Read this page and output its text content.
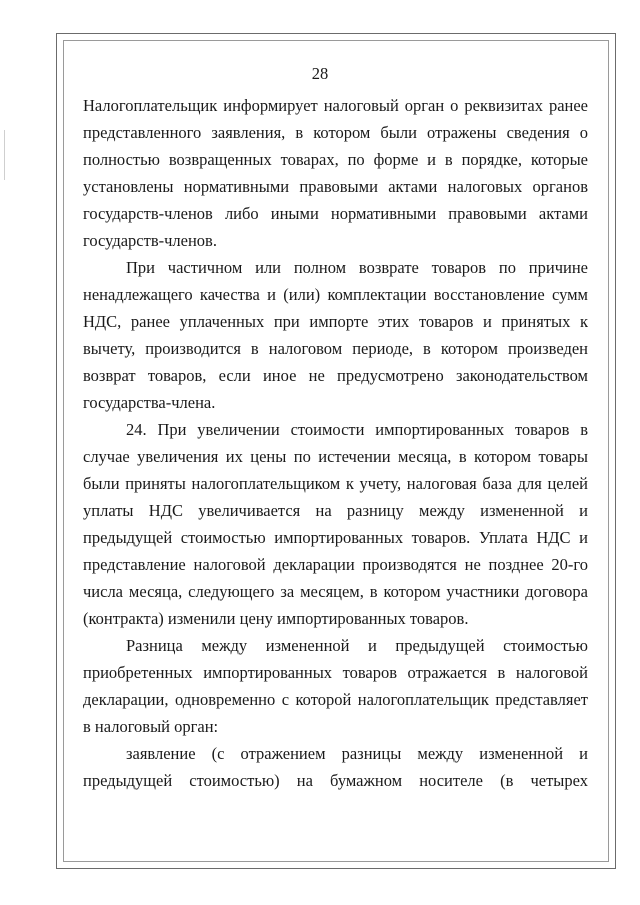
28

Налогоплательщик информирует налоговый орган о реквизитах ранее представленного заявления, в котором были отражены сведения о полностью возвращенных товарах, по форме и в порядке, которые установлены нормативными правовыми актами налоговых органов государств-членов либо иными нормативными правовыми актами государств-членов.

При частичном или полном возврате товаров по причине ненадлежащего качества и (или) комплектации восстановление сумм НДС, ранее уплаченных при импорте этих товаров и принятых к вычету, производится в налоговом периоде, в котором произведен возврат товаров, если иное не предусмотрено законодательством государства-члена.

24. При увеличении стоимости импортированных товаров в случае увеличения их цены по истечении месяца, в котором товары были приняты налогоплательщиком к учету, налоговая база для целей уплаты НДС увеличивается на разницу между измененной и предыдущей стоимостью импортированных товаров. Уплата НДС и представление налоговой декларации производятся не позднее 20-го числа месяца, следующего за месяцем, в котором участники договора (контракта) изменили цену импортированных товаров.

Разница между измененной и предыдущей стоимостью приобретенных импортированных товаров отражается в налоговой декларации, одновременно с которой налогоплательщик представляет в налоговый орган:

заявление (с отражением разницы между измененной и предыдущей стоимостью) на бумажном носителе (в четырех
